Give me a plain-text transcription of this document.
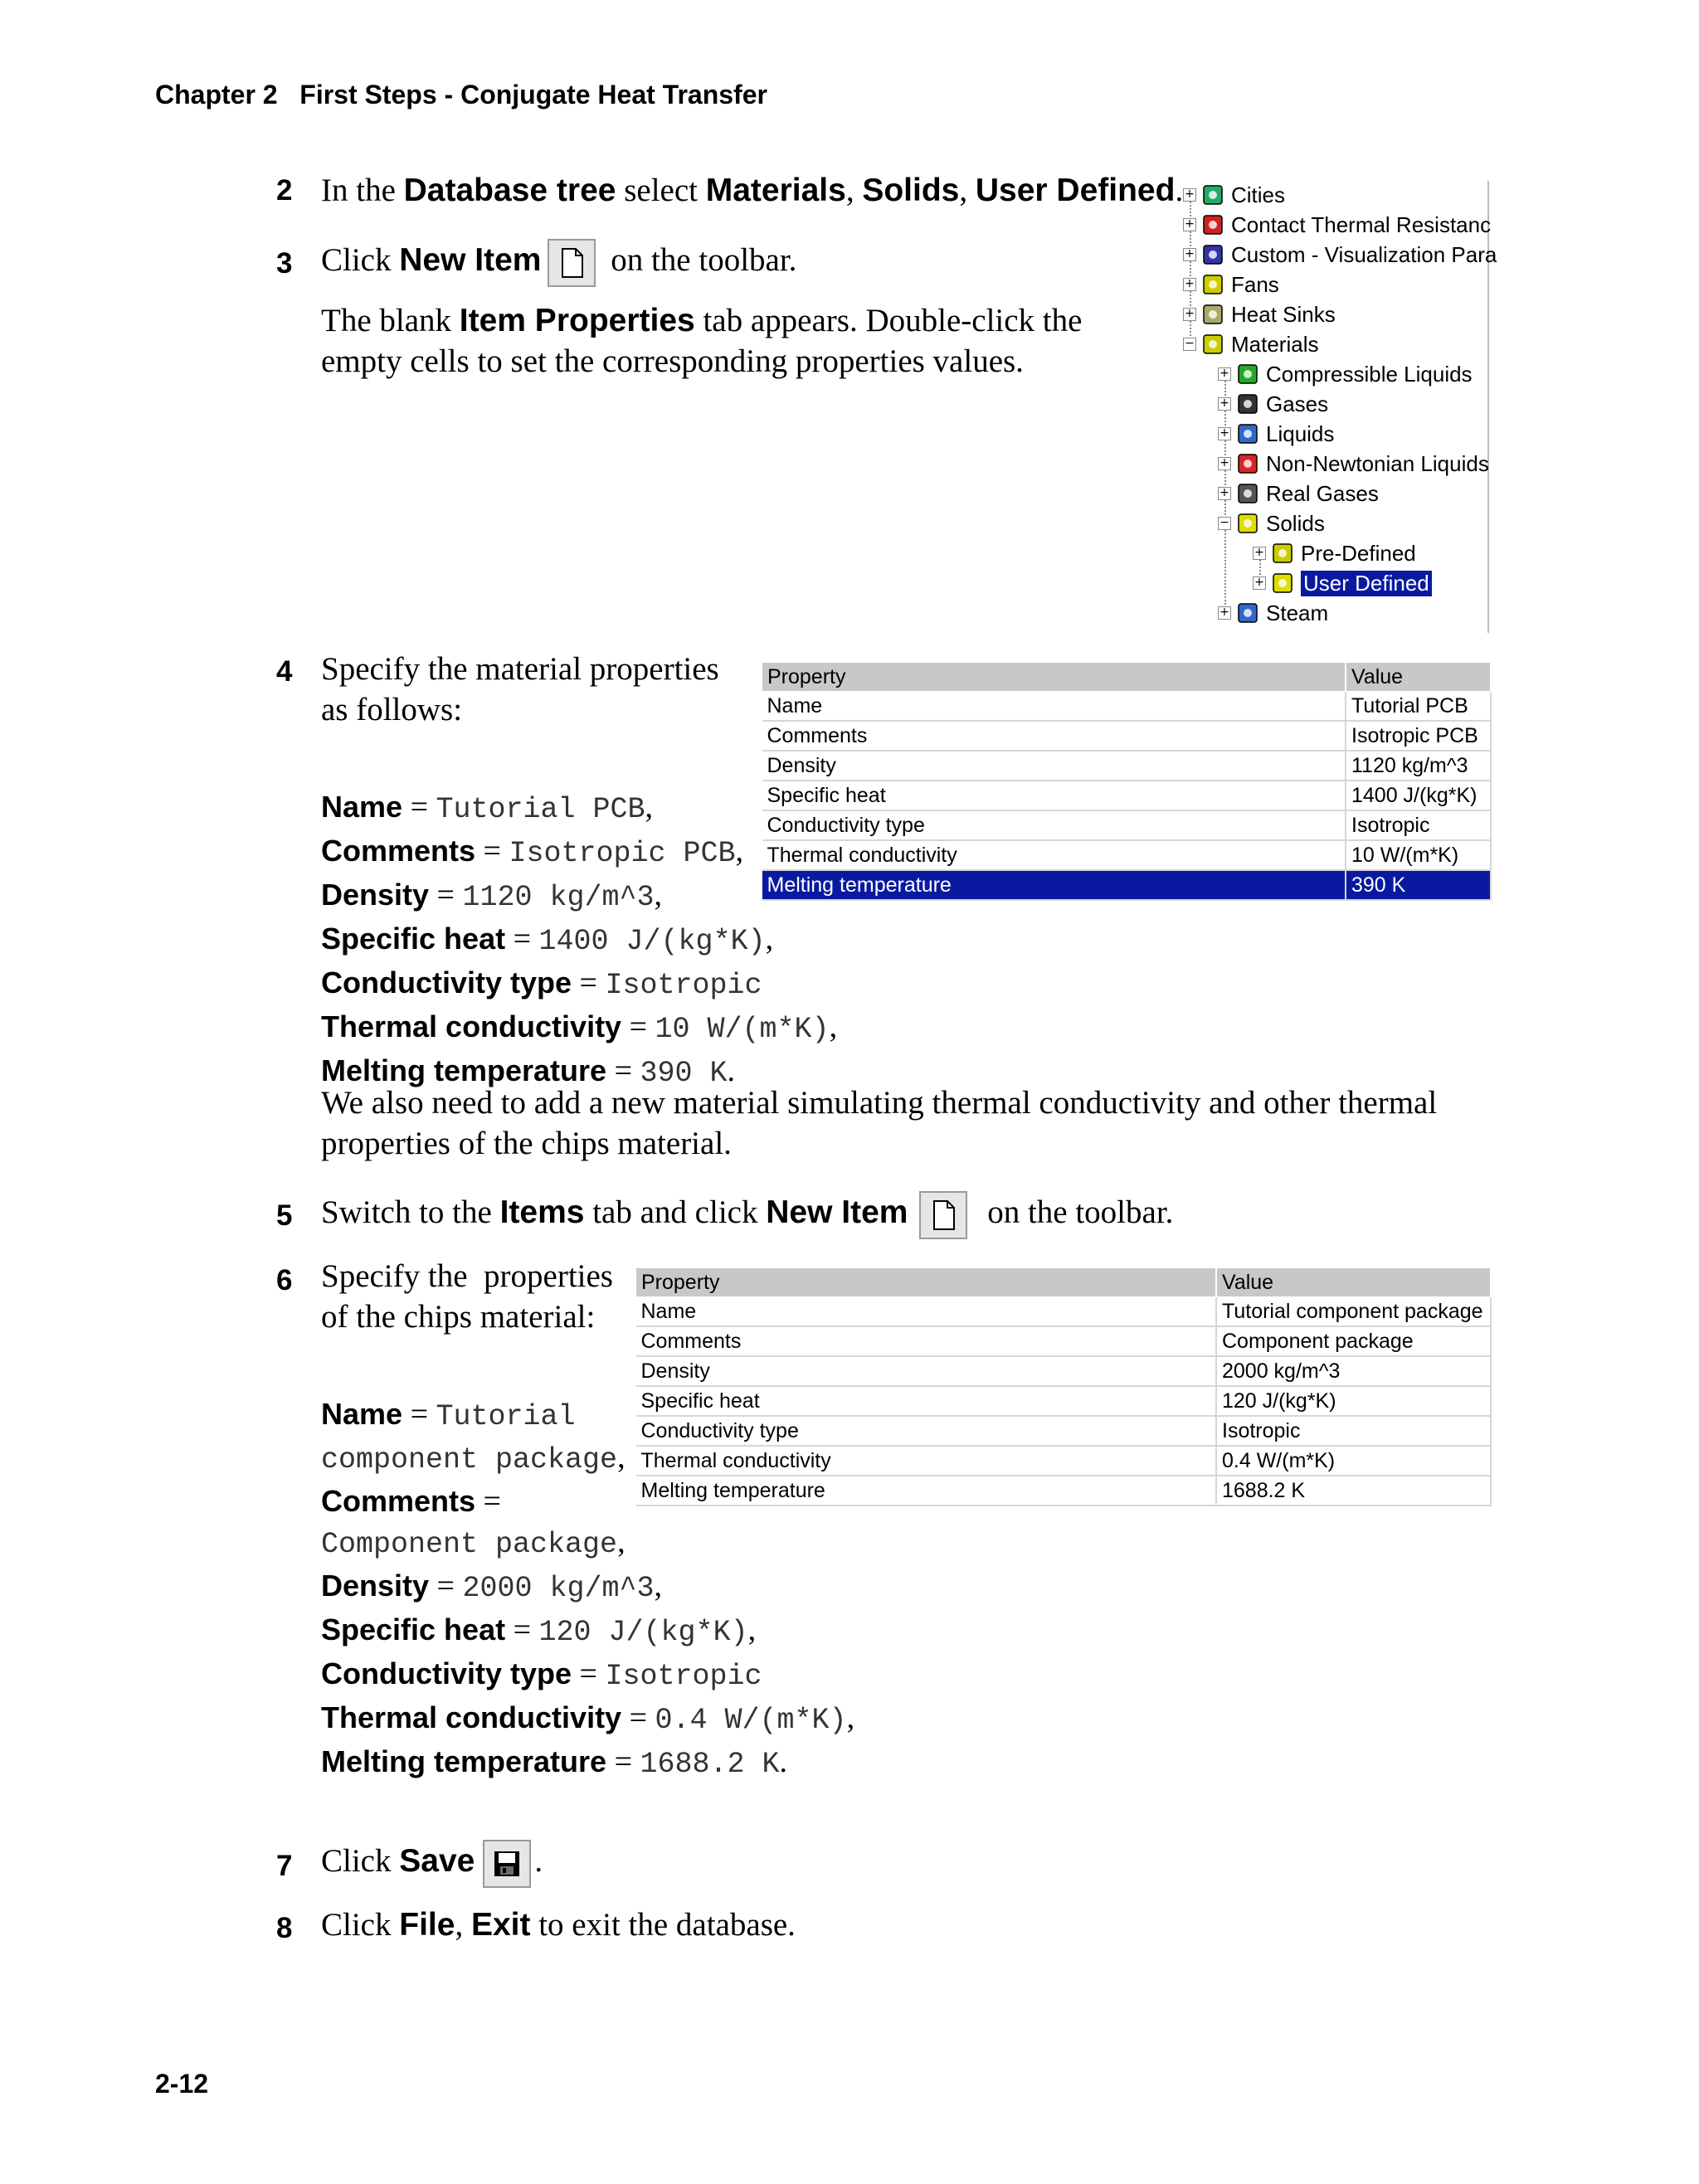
Chapter 2 First Steps - Conjugate Heat Transfer
2 In the Database tree select Materials, Solids, User Defined.
3 Click New Item
on the toolbar.
The blank Item Properties tab appears. Double-click the empty cells to set the corresponding properties values.
+ Cities
+ Contact Thermal Resistanc
+ Custom - Visualization Para
+ Fans
+ Heat Sinks
− Materials
+ Compressible Liquids
+ Gases
+ Liquids
+ Non-Newtonian Liquids
+ Real Gases
− Solids
+ Pre-Defined
+ User Defined
+ Steam
4 Specify the material properties as follows:
Property	Value
Name	Tutorial PCB
Comments	Isotropic PCB
Density	1120 kg/m^3
Specific heat	1400 J/(kg*K)
Conductivity type	Isotropic
Thermal conductivity	10 W/(m*K)
Melting temperature	390 K
Name = Tutorial PCB,
Comments = Isotropic PCB,
Density = 1120 kg/m^3,
Specific heat = 1400 J/(kg*K),
Conductivity type = Isotropic
Thermal conductivity = 10 W/(m*K),
Melting temperature = 390 K.
We also need to add a new material simulating thermal conductivity and other thermal properties of the chips material.
5 Switch to the Items tab and click New Item
on the toolbar.
6 Specify the  properties of the chips material:
Property	Value
Name	Tutorial component package
Comments	Component package
Density	2000 kg/m^3
Specific heat	120 J/(kg*K)
Conductivity type	Isotropic
Thermal conductivity	0.4 W/(m*K)
Melting temperature	1688.2 K
Name = Tutorial
component package,
Comments =
Component package,
Density = 2000 kg/m^3,
Specific heat = 120 J/(kg*K),
Conductivity type = Isotropic
Thermal conductivity = 0.4 W/(m*K),
Melting temperature = 1688.2 K.
7 Click Save .
8 Click File, Exit to exit the database.
2-12
